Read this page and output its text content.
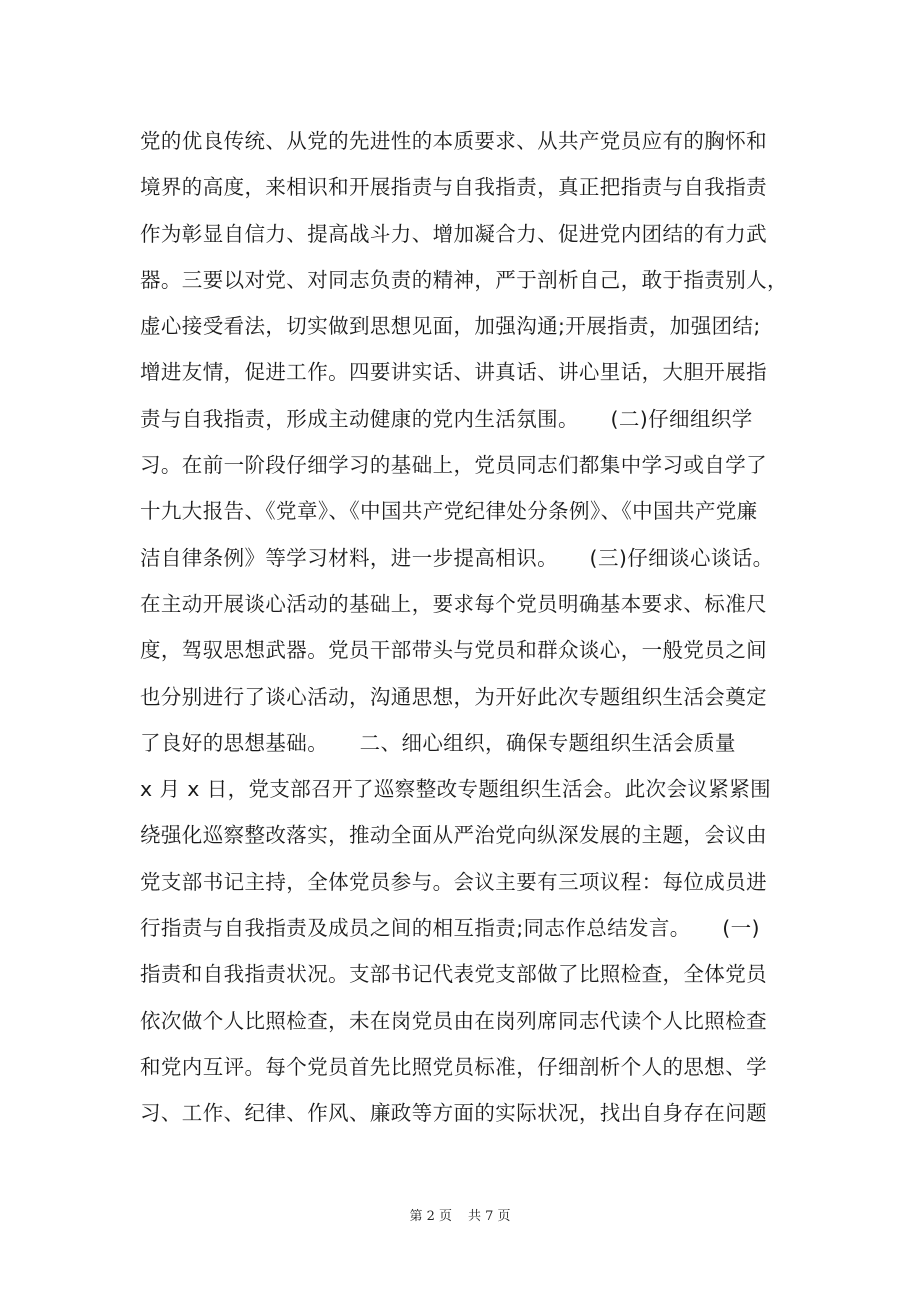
党的优良传统、从党的先进性的本质要求、从共产党员应有的胸怀和
境界的高度，来相识和开展指责与自我指责，真正把指责与自我指责
作为彰显自信力、提高战斗力、增加凝合力、促进党内团结的有力武
器。三要以对党、对同志负责的精神，严于剖析自己，敢于指责别人，
虚心接受看法，切实做到思想见面，加强沟通;开展指责，加强团结;
增进友情，促进工作。四要讲实话、讲真话、讲心里话，大胆开展指
责与自我指责，形成主动健康的党内生活氛围。　　(二)仔细组织学
习。在前一阶段仔细学习的基础上，党员同志们都集中学习或自学了
十九大报告、《党章》、《中国共产党纪律处分条例》、《中国共产党廉
洁自律条例》等学习材料，进一步提高相识。　　(三)仔细谈心谈话。
在主动开展谈心活动的基础上，要求每个党员明确基本要求、标准尺
度，驾驭思想武器。党员干部带头与党员和群众谈心，一般党员之间
也分别进行了谈心活动，沟通思想，为开好此次专题组织生活会奠定
了良好的思想基础。　　二、细心组织，确保专题组织生活会质量
x 月 x 日，党支部召开了巡察整改专题组织生活会。此次会议紧紧围
绕强化巡察整改落实，推动全面从严治党向纵深发展的主题，会议由
党支部书记主持，全体党员参与。会议主要有三项议程：每位成员进
行指责与自我指责及成员之间的相互指责;同志作总结发言。　　(一)
指责和自我指责状况。支部书记代表党支部做了比照检查，全体党员
依次做个人比照检查，未在岗党员由在岗列席同志代读个人比照检查
和党内互评。每个党员首先比照党员标准，仔细剖析个人的思想、学
习、工作、纪律、作风、廉政等方面的实际状况，找出自身存在问题
第 2 页 共 7 页
